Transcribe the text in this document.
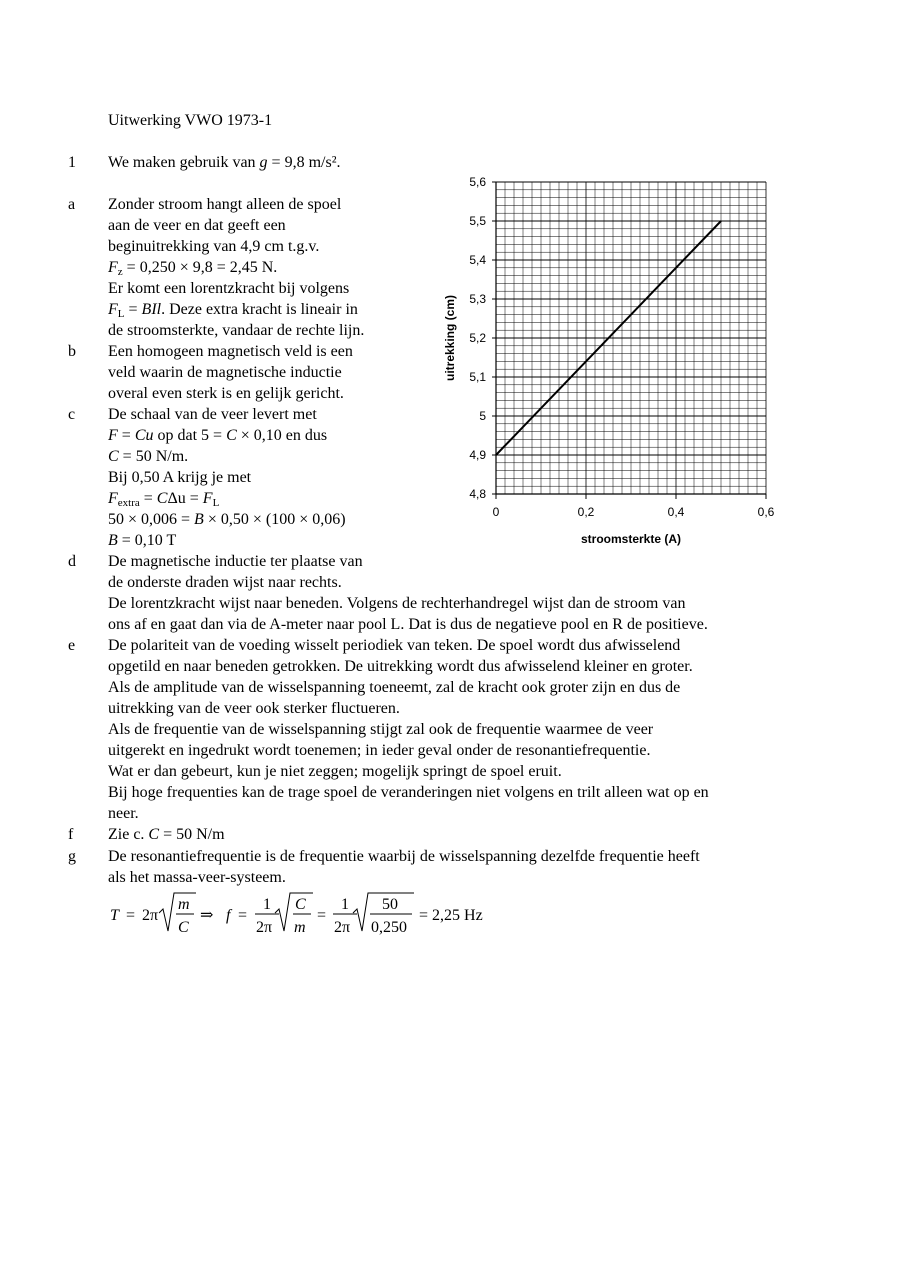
Uitwerking VWO 1973-1
1 We maken gebruik van g = 9,8 m/s².
a Zonder stroom hangt alleen de spoel
aan de veer en dat geeft een
beginuitrekking van 4,9 cm t.g.v.
$F_z = 0,250 \times 9,8 = 2,45$ N.
Er komt een lorentzkracht bij volgens
$F_L$ = BIl. Deze extra kracht is lineair in
de stroomsterkte, vandaar de rechte lijn.
b Een homogeen magnetisch veld is een
veld waarin de magnetische inductie
overal even sterk is en gelijk gericht.
c De schaal van de veer levert met
F = Cu op dat 5 = C × 0,10 en dus
C = 50 N/m.
Bij 0,50 A krijg je met
$F_{extra} = C\Delta u = F_L$
50 × 0,006 = B × 0,50 × (100 × 0,06)
B = 0,10 T
d De magnetische inductie ter plaatse van
de onderste draden wijst naar rechts.
De lorentzkracht wijst naar beneden. Volgens de rechterhandregel wijst dan de stroom van
ons af en gaat dan via de A-meter naar pool L. Dat is dus de negatieve pool en R de positieve.
e De polariteit van de voeding wisselt periodiek van teken. De spoel wordt dus afwisselend
opgetild en naar beneden getrokken. De uitrekking wordt dus afwisselend kleiner en groter.
Als de amplitude van de wisselspanning toeneemt, zal de kracht ook groter zijn en dus de
uitrekking van de veer ook sterker fluctueren.
Als de frequentie van de wisselspanning stijgt zal ook de frequentie waarmee de veer
uitgerekt en ingedrukt wordt toenemen; in ieder geval onder de resonantiefrequentie.
Wat er dan gebeurt, kun je niet zeggen; mogelijk springt de spoel eruit.
Bij hoge frequenties kan de trage spoel de veranderingen niet volgens en trilt alleen wat op en
neer.
f Zie c. C = 50 N/m
g De resonantiefrequentie is de frequentie waarbij de wisselspanning dezelfde frequentie heeft
als het massa-veer-systeem.
4,8
4,9
5
5,1
5,2
5,3
5,4
5,5
5,6
0	0,2	0,4	0,6
stroomsterkte (A)
uitrekking (cm)
T = 2π
m
C
⇒ f =
1
2π
C
m
=
1
2π
50
0,250
= 2,25 Hz
